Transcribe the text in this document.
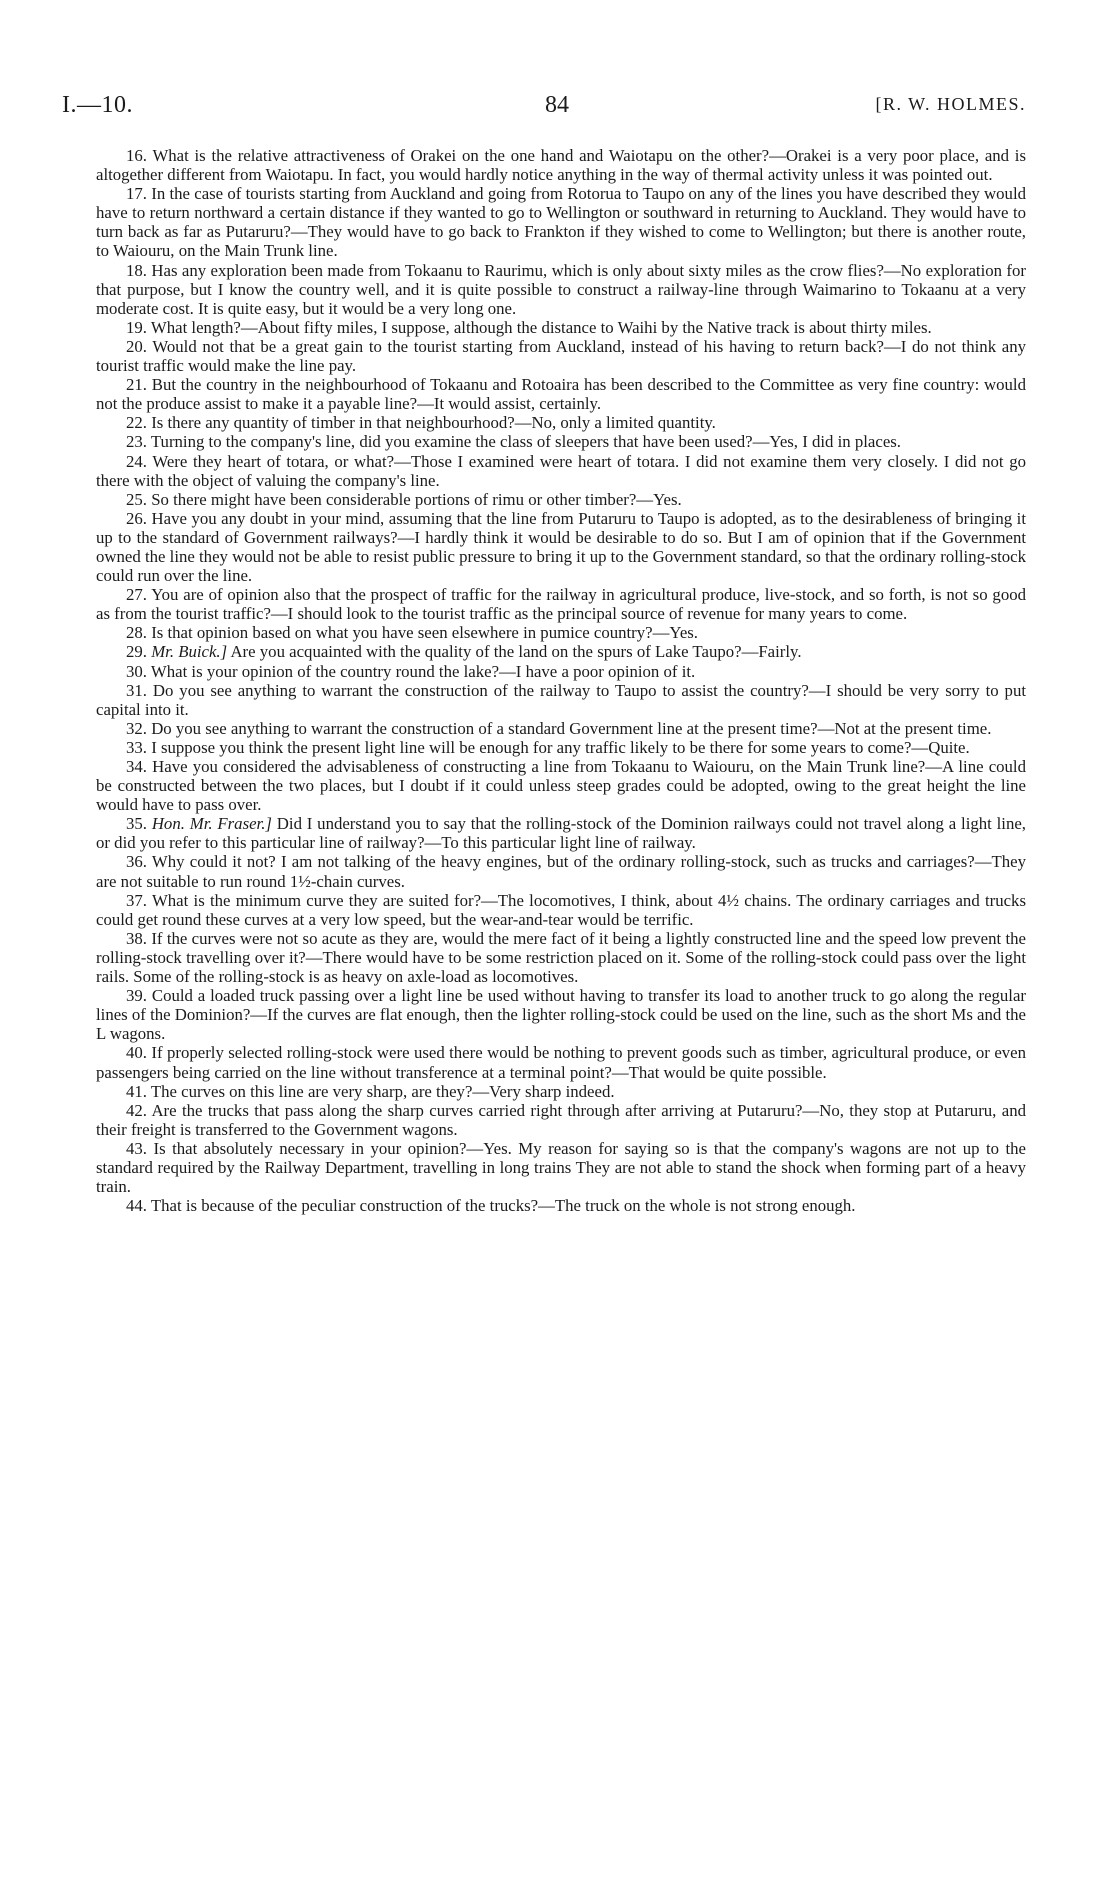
I.—10.	84	[R. W. HOLMES.

16. What is the relative attractiveness of Orakei on the one hand and Waiotapu on the other?—Orakei is a very poor place, and is altogether different from Waiotapu. In fact, you would hardly notice anything in the way of thermal activity unless it was pointed out.

17. In the case of tourists starting from Auckland and going from Rotorua to Taupo on any of the lines you have described they would have to return northward a certain distance if they wanted to go to Wellington or southward in returning to Auckland. They would have to turn back as far as Putaruru?—They would have to go back to Frankton if they wished to come to Wellington; but there is another route, to Waiouru, on the Main Trunk line.

18. Has any exploration been made from Tokaanu to Raurimu, which is only about sixty miles as the crow flies?—No exploration for that purpose, but I know the country well, and it is quite possible to construct a railway-line through Waimarino to Tokaanu at a very moderate cost. It is quite easy, but it would be a very long one.

19. What length?—About fifty miles, I suppose, although the distance to Waihi by the Native track is about thirty miles.

20. Would not that be a great gain to the tourist starting from Auckland, instead of his having to return back?—I do not think any tourist traffic would make the line pay.

21. But the country in the neighbourhood of Tokaanu and Rotoaira has been described to the Committee as very fine country: would not the produce assist to make it a payable line?—It would assist, certainly.

22. Is there any quantity of timber in that neighbourhood?—No, only a limited quantity.

23. Turning to the company's line, did you examine the class of sleepers that have been used?—Yes, I did in places.

24. Were they heart of totara, or what?—Those I examined were heart of totara. I did not examine them very closely. I did not go there with the object of valuing the company's line.

25. So there might have been considerable portions of rimu or other timber?—Yes.

26. Have you any doubt in your mind, assuming that the line from Putaruru to Taupo is adopted, as to the desirableness of bringing it up to the standard of Government railways?—I hardly think it would be desirable to do so. But I am of opinion that if the Government owned the line they would not be able to resist public pressure to bring it up to the Government standard, so that the ordinary rolling-stock could run over the line.

27. You are of opinion also that the prospect of traffic for the railway in agricultural produce, live-stock, and so forth, is not so good as from the tourist traffic?—I should look to the tourist traffic as the principal source of revenue for many years to come.

28. Is that opinion based on what you have seen elsewhere in pumice country?—Yes.

29. Mr. Buick.] Are you acquainted with the quality of the land on the spurs of Lake Taupo?—Fairly.

30. What is your opinion of the country round the lake?—I have a poor opinion of it.

31. Do you see anything to warrant the construction of the railway to Taupo to assist the country?—I should be very sorry to put capital into it.

32. Do you see anything to warrant the construction of a standard Government line at the present time?—Not at the present time.

33. I suppose you think the present light line will be enough for any traffic likely to be there for some years to come?—Quite.

34. Have you considered the advisableness of constructing a line from Tokaanu to Waiouru, on the Main Trunk line?—A line could be constructed between the two places, but I doubt if it could unless steep grades could be adopted, owing to the great height the line would have to pass over.

35. Hon. Mr. Fraser.] Did I understand you to say that the rolling-stock of the Dominion railways could not travel along a light line, or did you refer to this particular line of railway?—To this particular light line of railway.

36. Why could it not? I am not talking of the heavy engines, but of the ordinary rolling-stock, such as trucks and carriages?—They are not suitable to run round 1½-chain curves.

37. What is the minimum curve they are suited for?—The locomotives, I think, about 4½ chains. The ordinary carriages and trucks could get round these curves at a very low speed, but the wear-and-tear would be terrific.

38. If the curves were not so acute as they are, would the mere fact of it being a lightly constructed line and the speed low prevent the rolling-stock travelling over it?—There would have to be some restriction placed on it. Some of the rolling-stock could pass over the light rails. Some of the rolling-stock is as heavy on axle-load as locomotives.

39. Could a loaded truck passing over a light line be used without having to transfer its load to another truck to go along the regular lines of the Dominion?—If the curves are flat enough, then the lighter rolling-stock could be used on the line, such as the short Ms and the L wagons.

40. If properly selected rolling-stock were used there would be nothing to prevent goods such as timber, agricultural produce, or even passengers being carried on the line without transference at a terminal point?—That would be quite possible.

41. The curves on this line are very sharp, are they?—Very sharp indeed.

42. Are the trucks that pass along the sharp curves carried right through after arriving at Putaruru?—No, they stop at Putaruru, and their freight is transferred to the Government wagons.

43. Is that absolutely necessary in your opinion?—Yes. My reason for saying so is that the company's wagons are not up to the standard required by the Railway Department, travelling in long trains They are not able to stand the shock when forming part of a heavy train.

44. That is because of the peculiar construction of the trucks?—The truck on the whole is not strong enough.
